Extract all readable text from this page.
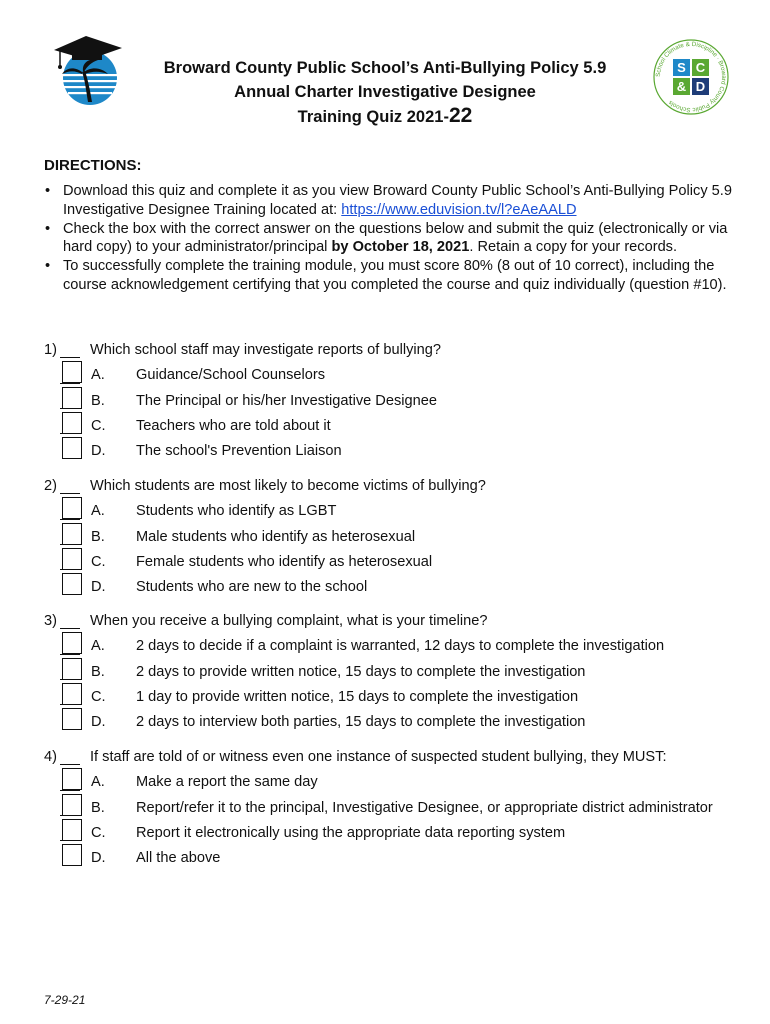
Broward County Public School’s Anti-Bullying Policy 5.9
Annual Charter Investigative Designee
Training Quiz 2021-22
School Climate & Discipline · Broward County Public Schools
S C
& D
DIRECTIONS:
• Download this quiz and complete it as you view Broward County Public School’s Anti-Bullying Policy 5.9 Investigative Designee Training located at: https://www.eduvision.tv/l?eAeAALD
• Check the box with the correct answer on the questions below and submit the quiz (electronically or via hard copy) to your administrator/principal by October 18, 2021. Retain a copy for your records.
• To successfully complete the training module, you must score 80% (8 out of 10 correct), including the course acknowledgement certifying that you completed the course and quiz individually (question #10).
1) Which school staff may investigate reports of bullying?
A. Guidance/School Counselors
B. The Principal or his/her Investigative Designee
C. Teachers who are told about it
D. The school's Prevention Liaison
2) Which students are most likely to become victims of bullying?
A. Students who identify as LGBT
B. Male students who identify as heterosexual
C. Female students who identify as heterosexual
D. Students who are new to the school
3) When you receive a bullying complaint, what is your timeline?
A. 2 days to decide if a complaint is warranted, 12 days to complete the investigation
B. 2 days to provide written notice, 15 days to complete the investigation
C. 1 day to provide written notice, 15 days to complete the investigation
D. 2 days to interview both parties, 15 days to complete the investigation
4) If staff are told of or witness even one instance of suspected student bullying, they MUST:
A. Make a report the same day
B. Report/refer it to the principal, Investigative Designee, or appropriate district administrator
C. Report it electronically using the appropriate data reporting system
D. All the above
7-29-21
